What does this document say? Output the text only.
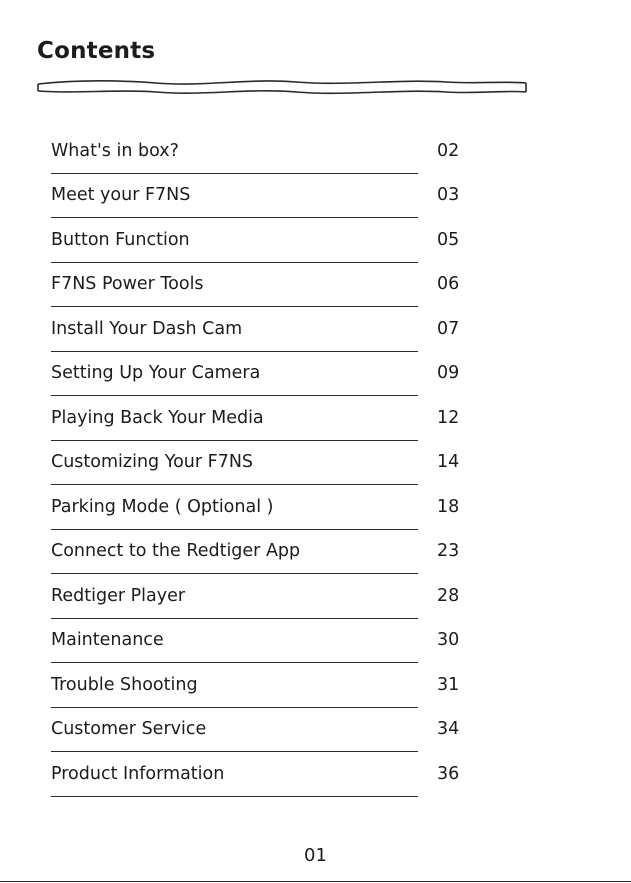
Contents
What's in box?	02
Meet your F7NS	03
Button Function	05
F7NS Power Tools	06
Install Your Dash Cam	07
Setting Up Your Camera	09
Playing Back Your Media	12
Customizing Your F7NS	14
Parking Mode ( Optional )	18
Connect to the Redtiger App	23
Redtiger Player	28
Maintenance	30
Trouble Shooting	31
Customer Service	34
Product Information	36
01
